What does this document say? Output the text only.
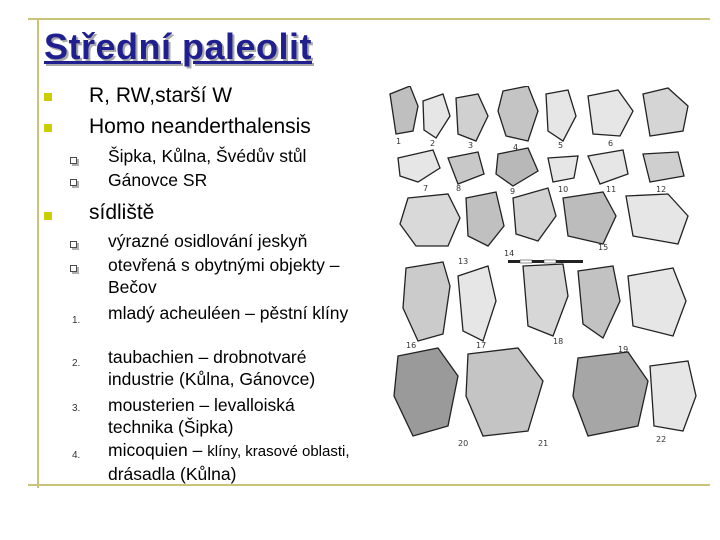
Střední paleolit
R, RW,starší W
Homo neanderthalensis
Šipka, Kůlna, Švédův stůl
Gánovce SR
sídliště
výrazné osidlování jeskyň
otevřená s obytnými objekty – Bečov
1. mladý acheuléen – pěstní klíny
2. taubachien – drobnotvaré industrie (Kůlna, Gánovce)
3. mousterien – levalloiská technika (Šipka)
4. micoquien – klíny, krasové oblasti, drásadla (Kůlna)
1	2	3	4	5	6
7	8	9	10	11	12
13
14
15
16	17	18
19
20	21	22
